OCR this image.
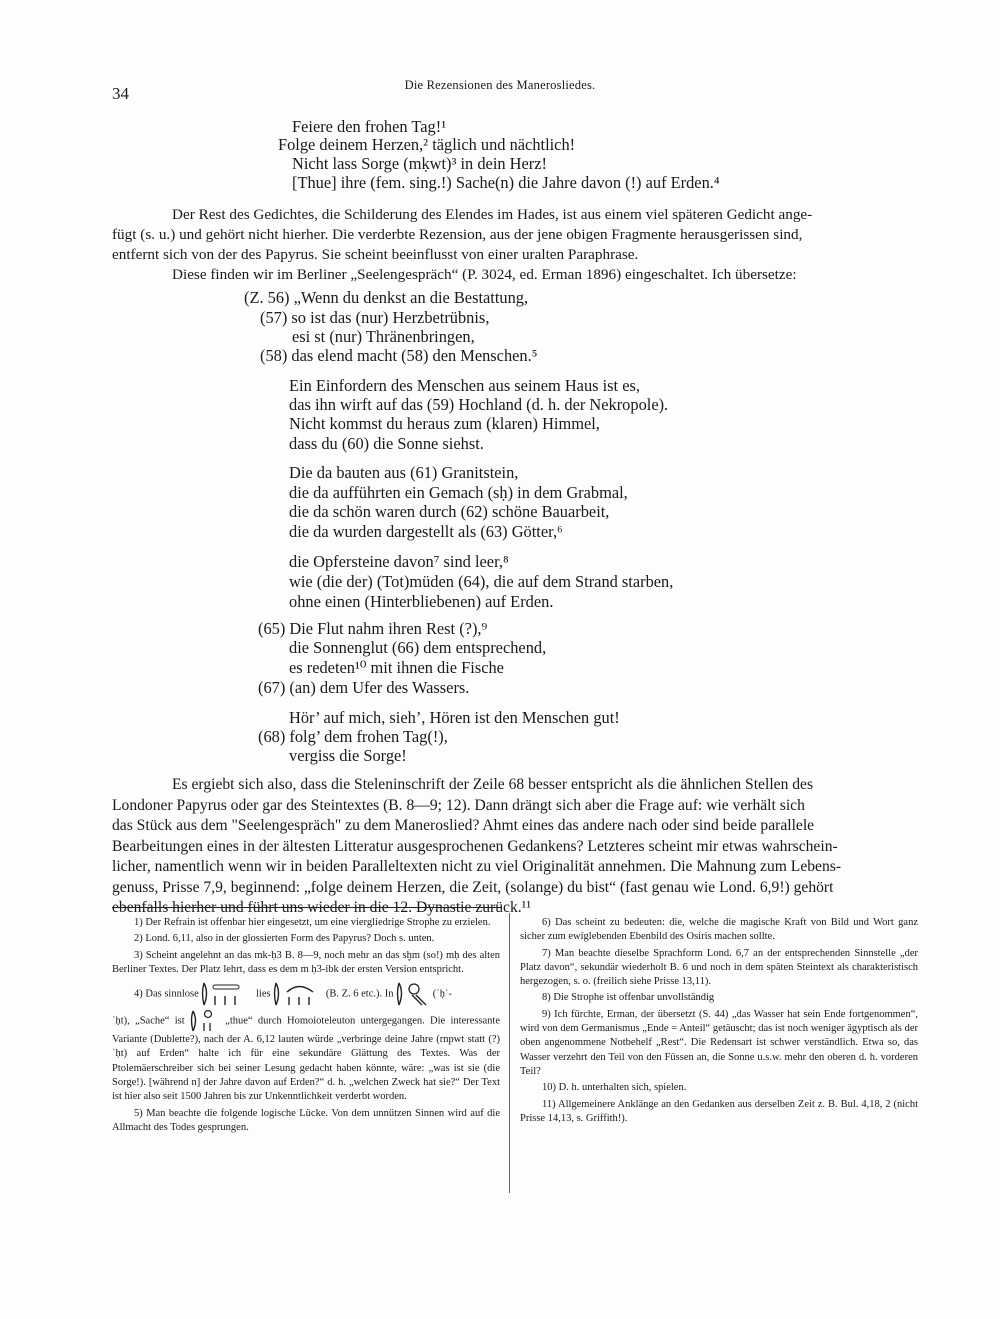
34	Die Rezensionen des Manerosliedes.
Feiere den frohen Tag!¹
Folge deinem Herzen,² täglich und nächtlich!
Nicht lass Sorge (mḳwt)³ in dein Herz!
[Thue] ihre (fem. sing.!) Sache(n) die Jahre davon (!) auf Erden.⁴
Der Rest des Gedichtes, die Schilderung des Elendes im Hades, ist aus einem viel späteren Gedicht ange-
fügt (s. u.) und gehört nicht hierher. Die verderbte Rezension, aus der jene obigen Fragmente herausgerissen sind,
entfernt sich von der des Papyrus. Sie scheint beeinflusst von einer uralten Paraphrase.
Diese finden wir im Berliner „Seelengespräch“ (P. 3024, ed. Erman 1896) eingeschaltet. Ich übersetze:
(Z. 56) „Wenn du denkst an die Bestattung,
(57) so ist das (nur) Herzbetrübnis,
esi st (nur) Thränenbringen,
(58) das elend macht (58) den Menschen.⁵
Ein Einfordern des Menschen aus seinem Haus ist es,
das ihn wirft auf das (59) Hochland (d. h. der Nekropole).
Nicht kommst du heraus zum (klaren) Himmel,
dass du (60) die Sonne siehst.
Die da bauten aus (61) Granitstein,
die da aufführten ein Gemach (sḥ) in dem Grabmal,
die da schön waren durch (62) schöne Bauarbeit,
die da wurden dargestellt als (63) Götter,⁶
die Opfersteine davon⁷ sind leer,⁸
wie (die der) (Tot)müden (64), die auf dem Strand starben,
ohne einen (Hinterbliebenen) auf Erden.
(65) Die Flut nahm ihren Rest (?),⁹
die Sonnenglut (66) dem entsprechend,
es redeten¹⁰ mit ihnen die Fische
(67) (an) dem Ufer des Wassers.
Hör’ auf mich, sieh’, Hören ist den Menschen gut!
(68) folg’ dem frohen Tag(!),
vergiss die Sorge!
Es ergiebt sich also, dass die Steleninschrift der Zeile 68 besser entspricht als die ähnlichen Stellen des
Londoner Papyrus oder gar des Steintextes (B. 8—9; 12). Dann drängt sich aber die Frage auf: wie verhält sich
das Stück aus dem "Seelengespräch" zu dem Maneroslied? Ahmt eines das andere nach oder sind beide parallele
Bearbeitungen eines in der ältesten Litteratur ausgesprochenen Gedankens? Letzteres scheint mir etwas wahrschein-
licher, namentlich wenn wir in beiden Paralleltexten nicht zu viel Originalität annehmen. Die Mahnung zum Lebens-
genuss, Prisse 7,9, beginnend: „folge deinem Herzen, die Zeit, (solange) du bist“ (fast genau wie Lond. 6,9!) gehört
ebenfalls hierher und führt uns wieder in die 12. Dynastie zurück.¹¹

1) Der Refrain ist offenbar hier eingesetzt, um eine viergliedrige Strophe zu erzielen.

2) Lond. 6,11, also in der glossierten Form des Papyrus? Doch s. unten.

3) Scheint angelehnt an das mk-ḥ3 B. 8—9, noch mehr an das sḫm (so!) mḥ des alten Berliner Textes. Der Platz lehrt, dass es dem m ḥ3-ỉbk der ersten Version entspricht.

4) Das sinnlose	lies	(B. Z. 6 etc.). In	(ʿḥʿ-

ʿḥt), „Sache“ ist	„thue“ durch Homoioteleuton untergegangen. Die interessante Variante (Dublette?), nach der A. 6,12 lauten würde „verbringe deine Jahre (rnpwt statt (?) ʿḥt) auf Erden“ halte ich für eine sekundäre Glättung des Textes. Was der Ptolemäerschreiber sich bei seiner Lesung gedacht haben könnte, wäre: „was ist sie (die Sorge!). [während n] der Jahre davon auf Erden?“ d. h. „welchen Zweck hat sie?“ Der Text ist hier also seit 1500 Jahren bis zur Unkenntlichkeit verderbt worden.

5) Man beachte die folgende logische Lücke. Von dem unnützen Sinnen wird auf die Allmacht des Todes gesprungen.

6) Das scheint zu bedeuten: die, welche die magische Kraft von Bild und Wort ganz sicher zum ewiglebenden Ebenbild des Osiris machen sollte.

7) Man beachte dieselbe Sprachform Lond. 6,7 an der entsprechenden Sinnstelle „der Platz davon“, sekundär wiederholt B. 6 und noch in dem späten Steintext als charakteristisch hergezogen, s. o. (freilich siehe Prisse 13,11).

8) Die Strophe ist offenbar unvollständig

9) Ich fürchte, Erman, der übersetzt (S. 44) „das Wasser hat sein Ende fortgenommen“, wird von dem Germanismus „Ende = Anteil“ getäuscht; das ist noch weniger ägyptisch als der oben angenommene Notbehelf „Rest“. Die Redensart ist schwer verständlich. Etwa so, das Wasser verzehrt den Teil von den Füssen an, die Sonne u.s.w. mehr den oberen d. h. vorderen Teil?

10) D. h. unterhalten sich, spielen.

11) Allgemeinere Anklänge an den Gedanken aus derselben Zeit z. B. Bul. 4,18, 2 (nicht Prisse 14,13, s. Griffith!).
